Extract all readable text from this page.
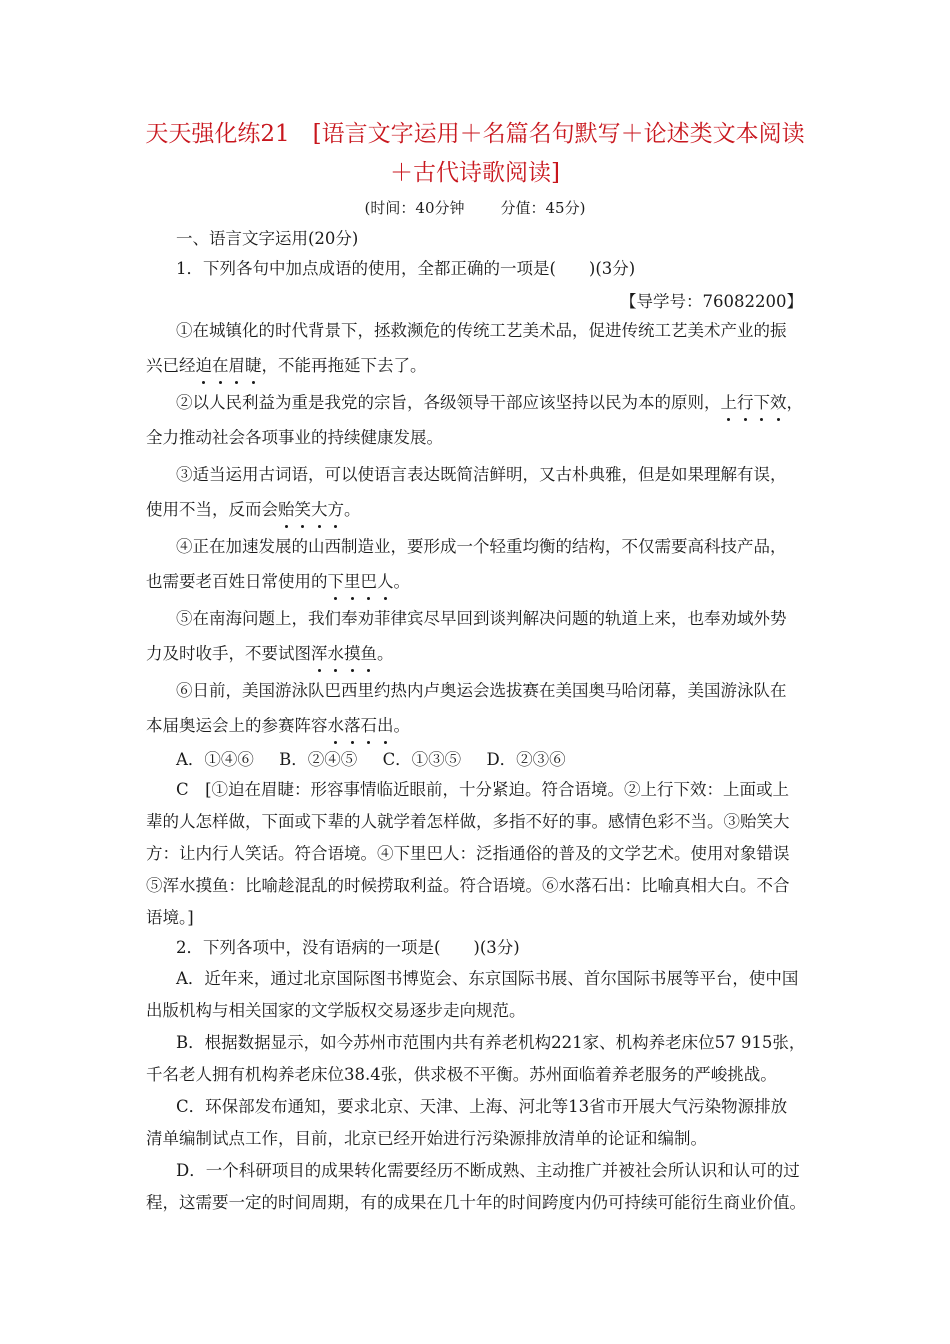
天天强化练21　[语言文字运用＋名篇名句默写＋论述类文本阅读
＋古代诗歌阅读]
(时间：40分钟 分值：45分)
一、语言文字运用(20分)
1．下列各句中加点成语的使用，全都正确的一项是(　　)(3分)
【导学号：76082200】
①在城镇化的时代背景下，拯救濒危的传统工艺美术品，促进传统工艺美术产业的振
兴已经迫在眉睫，不能再拖延下去了。
②以人民利益为重是我党的宗旨，各级领导干部应该坚持以民为本的原则，上行下效，
全力推动社会各项事业的持续健康发展。
③适当运用古词语，可以使语言表达既简洁鲜明，又古朴典雅，但是如果理解有误，
使用不当，反而会贻笑大方。
④正在加速发展的山西制造业，要形成一个轻重均衡的结构，不仅需要高科技产品，
也需要老百姓日常使用的下里巴人。
⑤在南海问题上，我们奉劝菲律宾尽早回到谈判解决问题的轨道上来，也奉劝域外势
力及时收手，不要试图浑水摸鱼。
⑥日前，美国游泳队巴西里约热内卢奥运会选拔赛在美国奥马哈闭幕，美国游泳队在
本届奥运会上的参赛阵容水落石出。
A．①④⑥ B．②④⑤ C．①③⑤ D．②③⑥
C　[①迫在眉睫：形容事情临近眼前，十分紧迫。符合语境。②上行下效：上面或上
辈的人怎样做，下面或下辈的人就学着怎样做，多指不好的事。感情色彩不当。③贻笑大
方：让内行人笑话。符合语境。④下里巴人：泛指通俗的普及的文学艺术。使用对象错误
⑤浑水摸鱼：比喻趁混乱的时候捞取利益。符合语境。⑥水落石出：比喻真相大白。不合
语境。]
2．下列各项中，没有语病的一项是(　　)(3分)
A．近年来，通过北京国际图书博览会、东京国际书展、首尔国际书展等平台，使中国
出版机构与相关国家的文学版权交易逐步走向规范。
B．根据数据显示，如今苏州市范围内共有养老机构221家、机构养老床位57 915张，
千名老人拥有机构养老床位38.4张，供求极不平衡。苏州面临着养老服务的严峻挑战。
C．环保部发布通知，要求北京、天津、上海、河北等13省市开展大气污染物源排放
清单编制试点工作，目前，北京已经开始进行污染源排放清单的论证和编制。
D．一个科研项目的成果转化需要经历不断成熟、主动推广并被社会所认识和认可的过
程，这需要一定的时间周期，有的成果在几十年的时间跨度内仍可持续可能衍生商业价值。
